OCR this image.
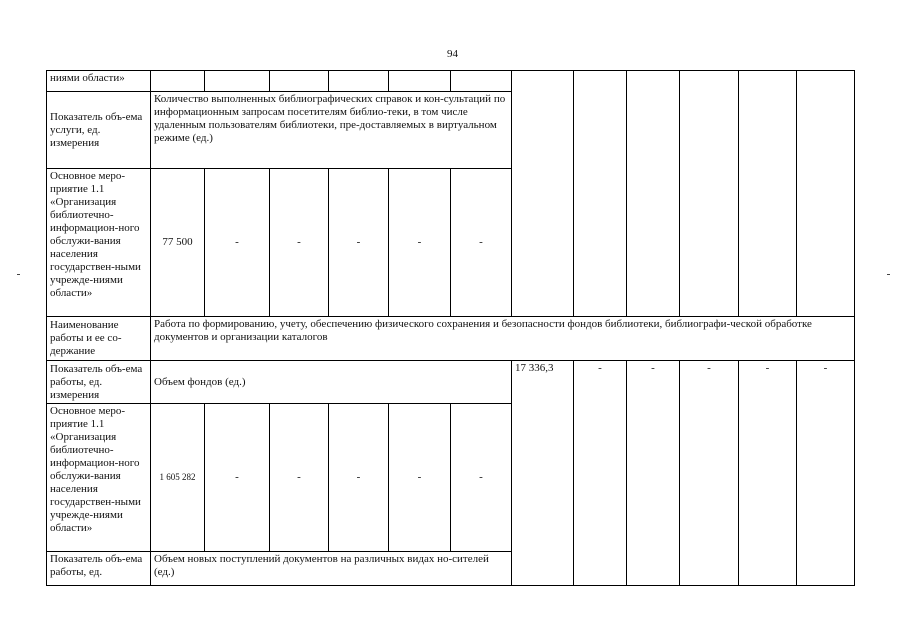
94
ниями области»												
Показатель объ-ема услуги, ед. измерения	Количество выполненных библиографических справок и кон-сультаций по информационным запросам посетителям библио-теки, в том числе удаленным пользователям библиотеки, пре-доставляемых в виртуальном режиме (ед.)											
Основное меро-приятие 1.1 «Организация библиотечно-информацион-ного обслужи-вания населения государствен-ными учрежде-ниями области»	77 500	-	-	-	-	-						
Наименование работы и ее со-держание	Работа по формированию, учету, обеспечению физического сохранения и безопасности фондов библиотеки, библиографи-ческой обработке документов и организации каталогов											
Показатель объ-ема работы, ед. измерения	Объем фондов (ед.)						17 336,3	-	-	-	-	-
Основное меро-приятие 1.1 «Организация библиотечно-информацион-ного обслужи-вания населения государствен-ными учрежде-ниями области»	1 605 282	-	-	-	-	-						
Показатель объ-ема работы, ед.	Объем новых поступлений документов на различных видах но-сителей (ед.)											
